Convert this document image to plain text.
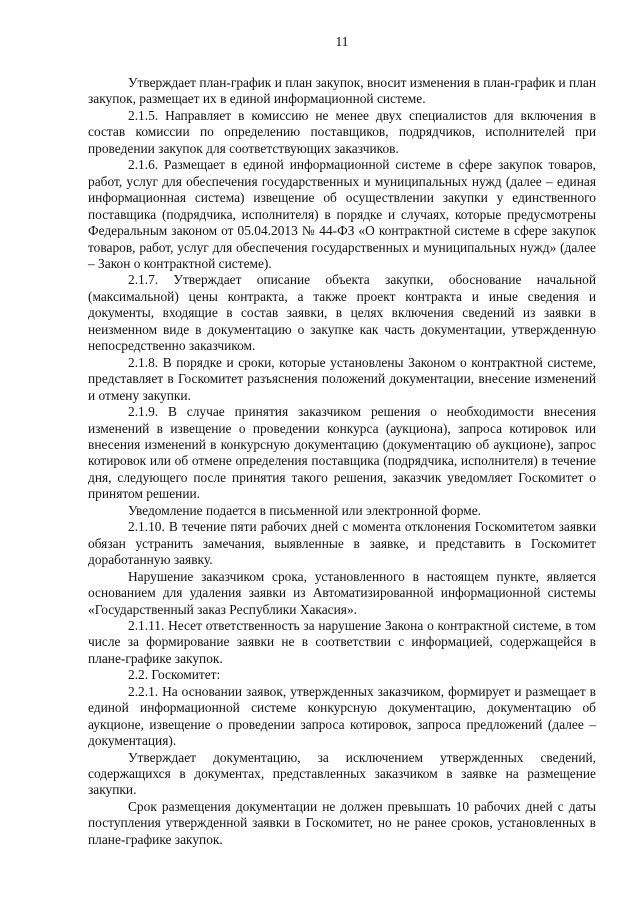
11

Утверждает план-график и план закупок, вносит изменения в план-график и план закупок, размещает их в единой информационной системе.

2.1.5. Направляет в комиссию не менее двух специалистов для включения в состав комиссии по определению поставщиков, подрядчиков, исполнителей при проведении закупок для соответствующих заказчиков.

2.1.6. Размещает в единой информационной системе в сфере закупок товаров, работ, услуг для обеспечения государственных и муниципальных нужд (далее – единая информационная система) извещение об осуществлении закупки у единственного поставщика (подрядчика, исполнителя) в порядке и случаях, которые предусмотрены Федеральным законом от 05.04.2013 № 44-ФЗ «О контрактной системе в сфере закупок товаров, работ, услуг для обеспечения государственных и муниципальных нужд» (далее – Закон о контрактной системе).

2.1.7. Утверждает описание объекта закупки, обоснование начальной (максимальной) цены контракта, а также проект контракта и иные сведения и документы, входящие в состав заявки, в целях включения сведений из заявки в неизменном виде в документацию о закупке как часть документации, утвержденную непосредственно заказчиком.

2.1.8. В порядке и сроки, которые установлены Законом о контрактной системе, представляет в Госкомитет разъяснения положений документации, внесение изменений и отмену закупки.

2.1.9. В случае принятия заказчиком решения о необходимости внесения изменений в извещение о проведении конкурса (аукциона), запроса котировок или внесения изменений в конкурсную документацию (документацию об аукционе), запрос котировок или об отмене определения поставщика (подрядчика, исполнителя) в течение дня, следующего после принятия такого решения, заказчик уведомляет Госкомитет о принятом решении.

Уведомление подается в письменной или электронной форме.

2.1.10. В течение пяти рабочих дней с момента отклонения Госкомитетом заявки обязан устранить замечания, выявленные в заявке, и представить в Госкомитет доработанную заявку.

Нарушение заказчиком срока, установленного в настоящем пункте, является основанием для удаления заявки из Автоматизированной информационной системы «Государственный заказ Республики Хакасия».

2.1.11. Несет ответственность за нарушение Закона о контрактной системе, в том числе за формирование заявки не в соответствии с информацией, содержащейся в плане-графике закупок.

2.2. Госкомитет:

2.2.1. На основании заявок, утвержденных заказчиком, формирует и размещает в единой информационной системе конкурсную документацию, документацию об аукционе, извещение о проведении запроса котировок, запроса предложений (далее – документация).

Утверждает документацию, за исключением утвержденных сведений, содержащихся в документах, представленных заказчиком в заявке на размещение закупки.

Срок размещения документации не должен превышать 10 рабочих дней с даты поступления утвержденной заявки в Госкомитет, но не ранее сроков, установленных в плане-графике закупок.
